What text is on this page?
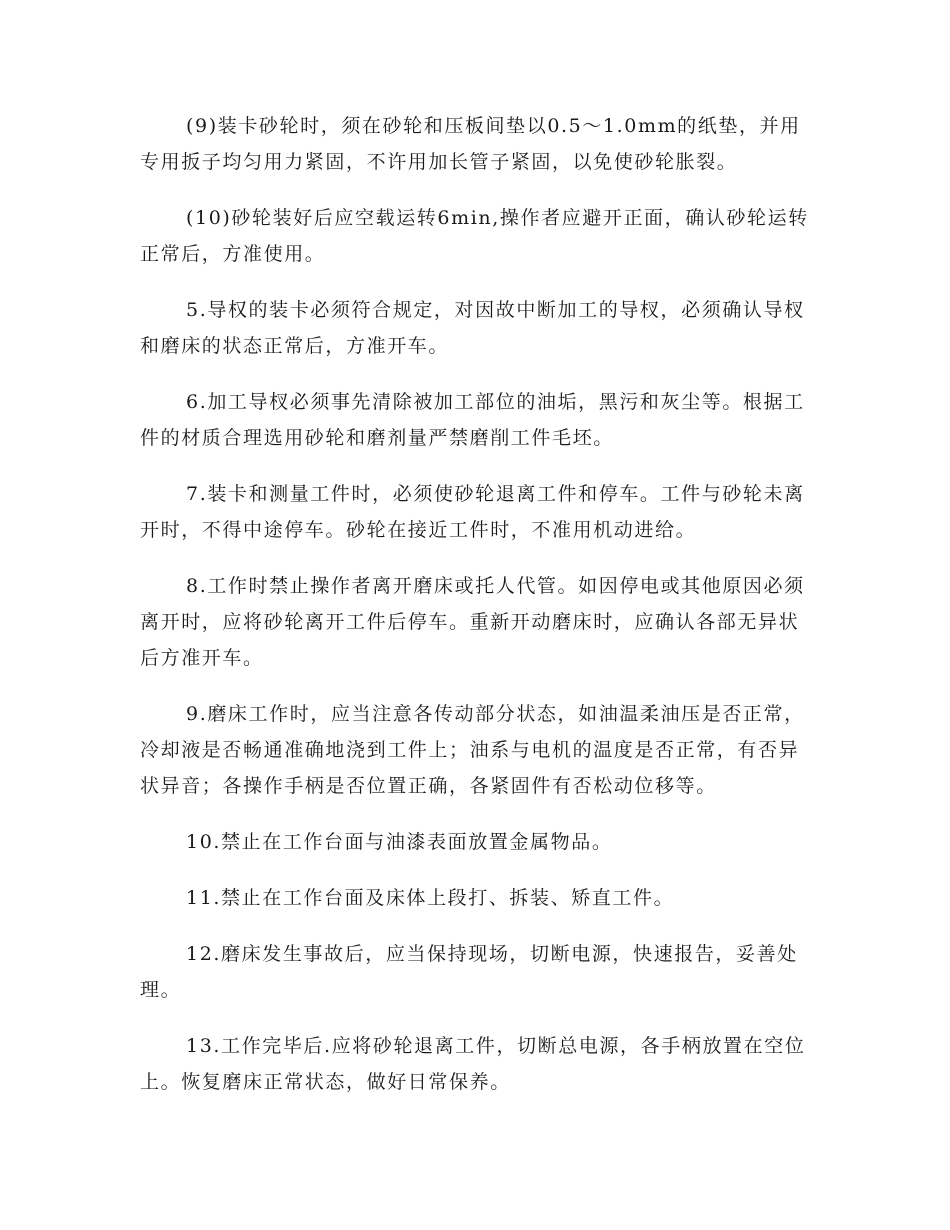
(9)装卡砂轮时，须在砂轮和压板间垫以0.5～1.0mm的纸垫，并用专用扳子均匀用力紧固，不许用加长管子紧固，以免使砂轮胀裂。

(10)砂轮装好后应空载运转6min,操作者应避开正面，确认砂轮运转正常后，方准使用。

5.导权的装卡必须符合规定，对因故中断加工的导杈，必须确认导杈和磨床的状态正常后，方准开车。

6.加工导杈必须事先清除被加工部位的油垢，黑污和灰尘等。根据工件的材质合理选用砂轮和磨剂量严禁磨削工件毛坯。

7.装卡和测量工件时，必须使砂轮退离工件和停车。工件与砂轮未离开时，不得中途停车。砂轮在接近工件时，不准用机动进给。

8.工作时禁止操作者离开磨床或托人代管。如因停电或其他原因必须离开时，应将砂轮离开工件后停车。重新开动磨床时，应确认各部无异状后方准开车。

9.磨床工作时，应当注意各传动部分状态，如油温柔油压是否正常，冷却液是否畅通准确地浇到工件上；油系与电机的温度是否正常，有否异状异音；各操作手柄是否位置正确，各紧固件有否松动位移等。

10.禁止在工作台面与油漆表面放置金属物品。

11.禁止在工作台面及床体上段打、拆装、矫直工件。

12.磨床发生事故后，应当保持现场，切断电源，快速报告，妥善处理。

13.工作完毕后.应将砂轮退离工件，切断总电源，各手柄放置在空位上。恢复磨床正常状态，做好日常保养。
